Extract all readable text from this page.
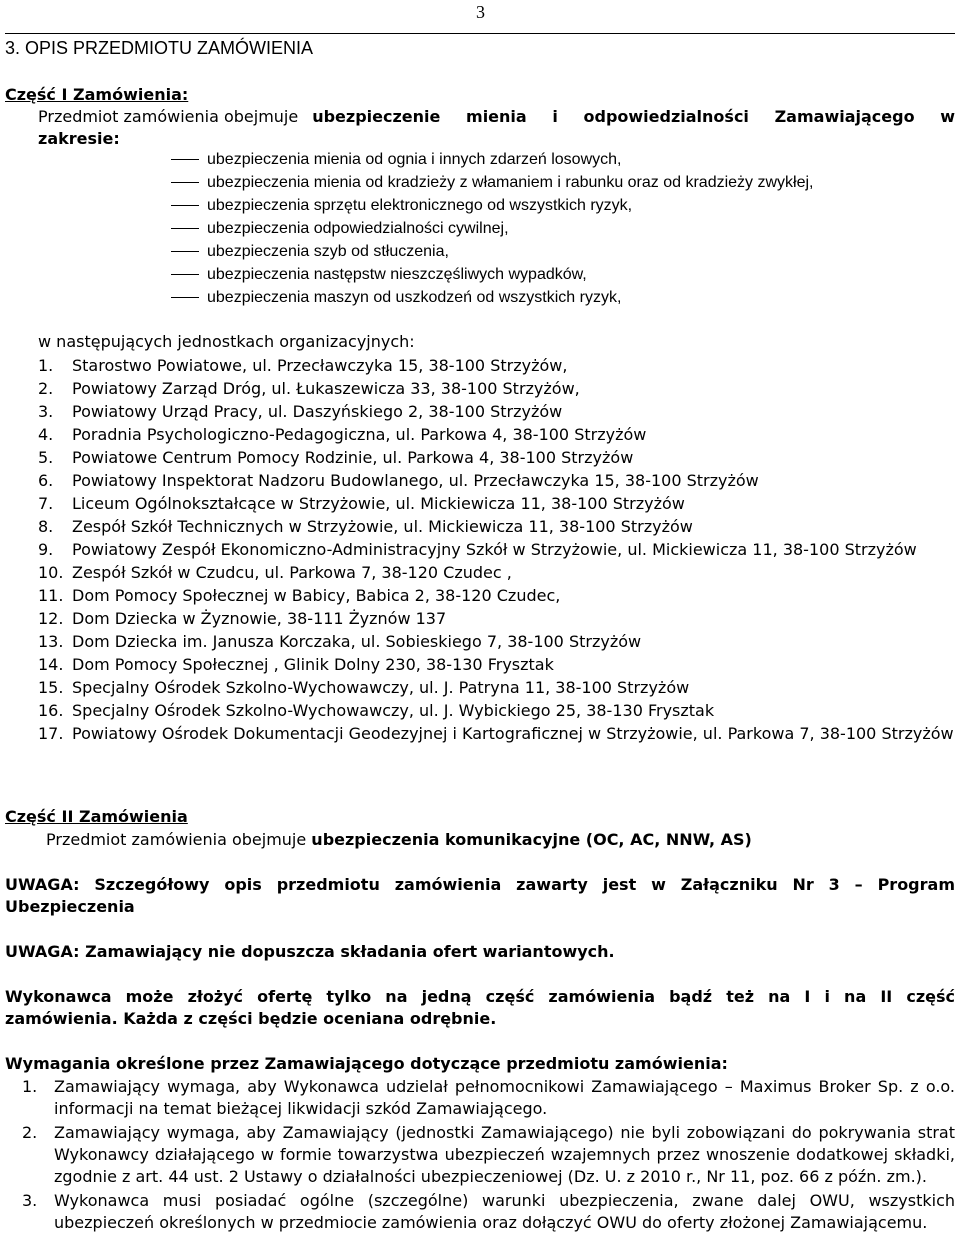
3
3. OPIS PRZEDMIOTU ZAMÓWIENIA
Część I Zamówienia:
Przedmiot zamówienia obejmuje ubezpieczenie mienia i odpowiedzialności Zamawiającego w
zakresie:
ubezpieczenia mienia od ognia i innych zdarzeń losowych,
ubezpieczenia mienia od kradzieży z włamaniem i rabunku oraz od kradzieży zwykłej,
ubezpieczenia sprzętu elektronicznego od wszystkich ryzyk,
ubezpieczenia odpowiedzialności cywilnej,
ubezpieczenia szyb od stłuczenia,
ubezpieczenia następstw nieszczęśliwych wypadków,
ubezpieczenia maszyn od uszkodzeń od wszystkich ryzyk,
w następujących jednostkach organizacyjnych:
1. Starostwo Powiatowe, ul. Przecławczyka 15, 38-100 Strzyżów,
2. Powiatowy Zarząd Dróg, ul. Łukaszewicza 33, 38-100 Strzyżów,
3. Powiatowy Urząd Pracy, ul. Daszyńskiego 2, 38-100 Strzyżów
4. Poradnia Psychologiczno-Pedagogiczna, ul. Parkowa 4, 38-100 Strzyżów
5. Powiatowe Centrum Pomocy Rodzinie, ul. Parkowa 4, 38-100 Strzyżów
6. Powiatowy Inspektorat Nadzoru Budowlanego, ul. Przecławczyka 15, 38-100 Strzyżów
7. Liceum Ogólnokształcące w Strzyżowie, ul. Mickiewicza 11, 38-100 Strzyżów
8. Zespół Szkół Technicznych w Strzyżowie, ul. Mickiewicza 11, 38-100 Strzyżów
9. Powiatowy Zespół Ekonomiczno-Administracyjny Szkół w Strzyżowie, ul. Mickiewicza 11, 38-100 Strzyżów
10. Zespół Szkół w Czudcu, ul. Parkowa 7, 38-120 Czudec ,
11. Dom Pomocy Społecznej w Babicy, Babica 2, 38-120 Czudec,
12. Dom Dziecka w Żyznowie, 38-111 Żyznów 137
13. Dom Dziecka im. Janusza Korczaka, ul. Sobieskiego 7, 38-100 Strzyżów
14. Dom Pomocy Społecznej , Glinik Dolny 230, 38-130 Frysztak
15. Specjalny Ośrodek Szkolno-Wychowawczy, ul. J. Patryna 11, 38-100 Strzyżów
16. Specjalny Ośrodek Szkolno-Wychowawczy, ul. J. Wybickiego 25, 38-130 Frysztak
17. Powiatowy Ośrodek Dokumentacji Geodezyjnej i Kartograficznej w Strzyżowie, ul. Parkowa 7, 38-100 Strzyżów
Część II Zamówienia
Przedmiot zamówienia obejmuje ubezpieczenia komunikacyjne (OC, AC, NNW, AS)
UWAGA: Szczegółowy opis przedmiotu zamówienia zawarty jest w Załączniku Nr 3 – Program
Ubezpieczenia
UWAGA: Zamawiający nie dopuszcza składania ofert wariantowych.
Wykonawca może złożyć ofertę tylko na jedną część zamówienia bądź też na I i na II część
zamówienia. Każda z części będzie oceniana odrębnie.
Wymagania określone przez Zamawiającego dotyczące przedmiotu zamówienia:
1.	Zamawiający wymaga, aby Wykonawca udzielał pełnomocnikowi Zamawiającego – Maximus Broker Sp. z o.o. informacji na temat bieżącej likwidacji szkód Zamawiającego.
2.	Zamawiający wymaga, aby Zamawiający (jednostki Zamawiającego) nie byli zobowiązani do pokrywania strat Wykonawcy działającego w formie towarzystwa ubezpieczeń wzajemnych przez wnoszenie dodatkowej składki, zgodnie z art. 44 ust. 2 Ustawy o działalności ubezpieczeniowej (Dz. U. z 2010 r., Nr 11, poz. 66 z późn. zm.).
3.	Wykonawca musi posiadać ogólne (szczególne) warunki ubezpieczenia, zwane dalej OWU, wszystkich ubezpieczeń określonych w przedmiocie zamówienia oraz dołączyć OWU do oferty złożonej Zamawiającemu.
